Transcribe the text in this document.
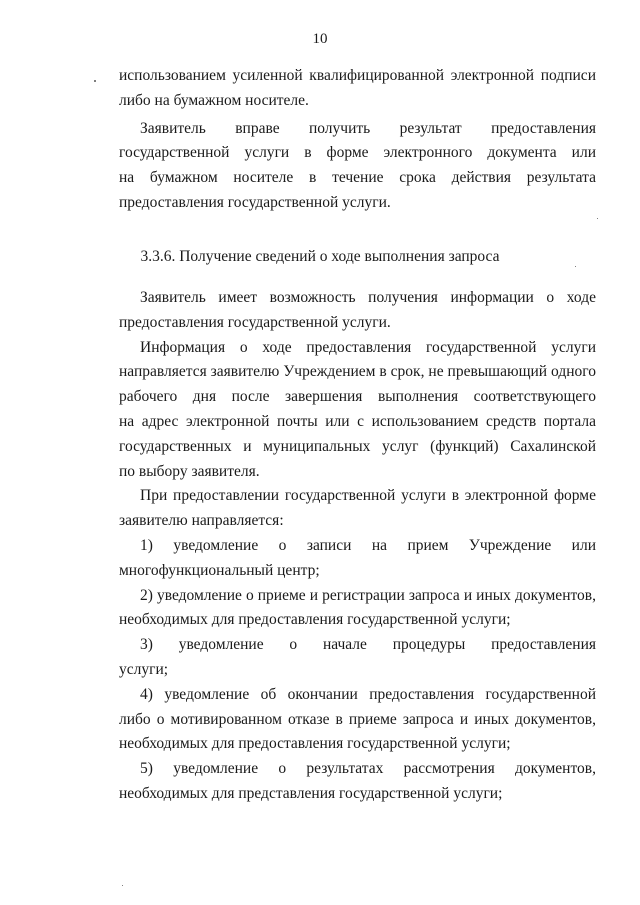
10
использованием усиленной квалифицированной электронной подписи
либо на бумажном носителе.
Заявитель вправе получить результат предоставления
государственной услуги в форме электронного документа или
на бумажном носителе в течение срока действия результата
предоставления государственной услуги.
3.3.6. Получение сведений о ходе выполнения запроса
Заявитель имеет возможность получения информации о ходе
предоставления государственной услуги.
Информация о ходе предоставления государственной услуги
направляется заявителю Учреждением в срок, не превышающий одного
рабочего дня после завершения выполнения соответствующего
на адрес электронной почты или с использованием средств портала
государственных и муниципальных услуг (функций) Сахалинской
по выбору заявителя.
При предоставлении государственной услуги в электронной форме
заявителю направляется:
1) уведомление о записи на прием Учреждение или
многофункциональный центр;
2) уведомление о приеме и регистрации запроса и иных документов,
необходимых для предоставления государственной услуги;
3) уведомление о начале процедуры предоставления
услуги;
4) уведомление об окончании предоставления государственной
либо о мотивированном отказе в приеме запроса и иных документов,
необходимых для предоставления государственной услуги;
5) уведомление о результатах рассмотрения документов,
необходимых для представления государственной услуги;
